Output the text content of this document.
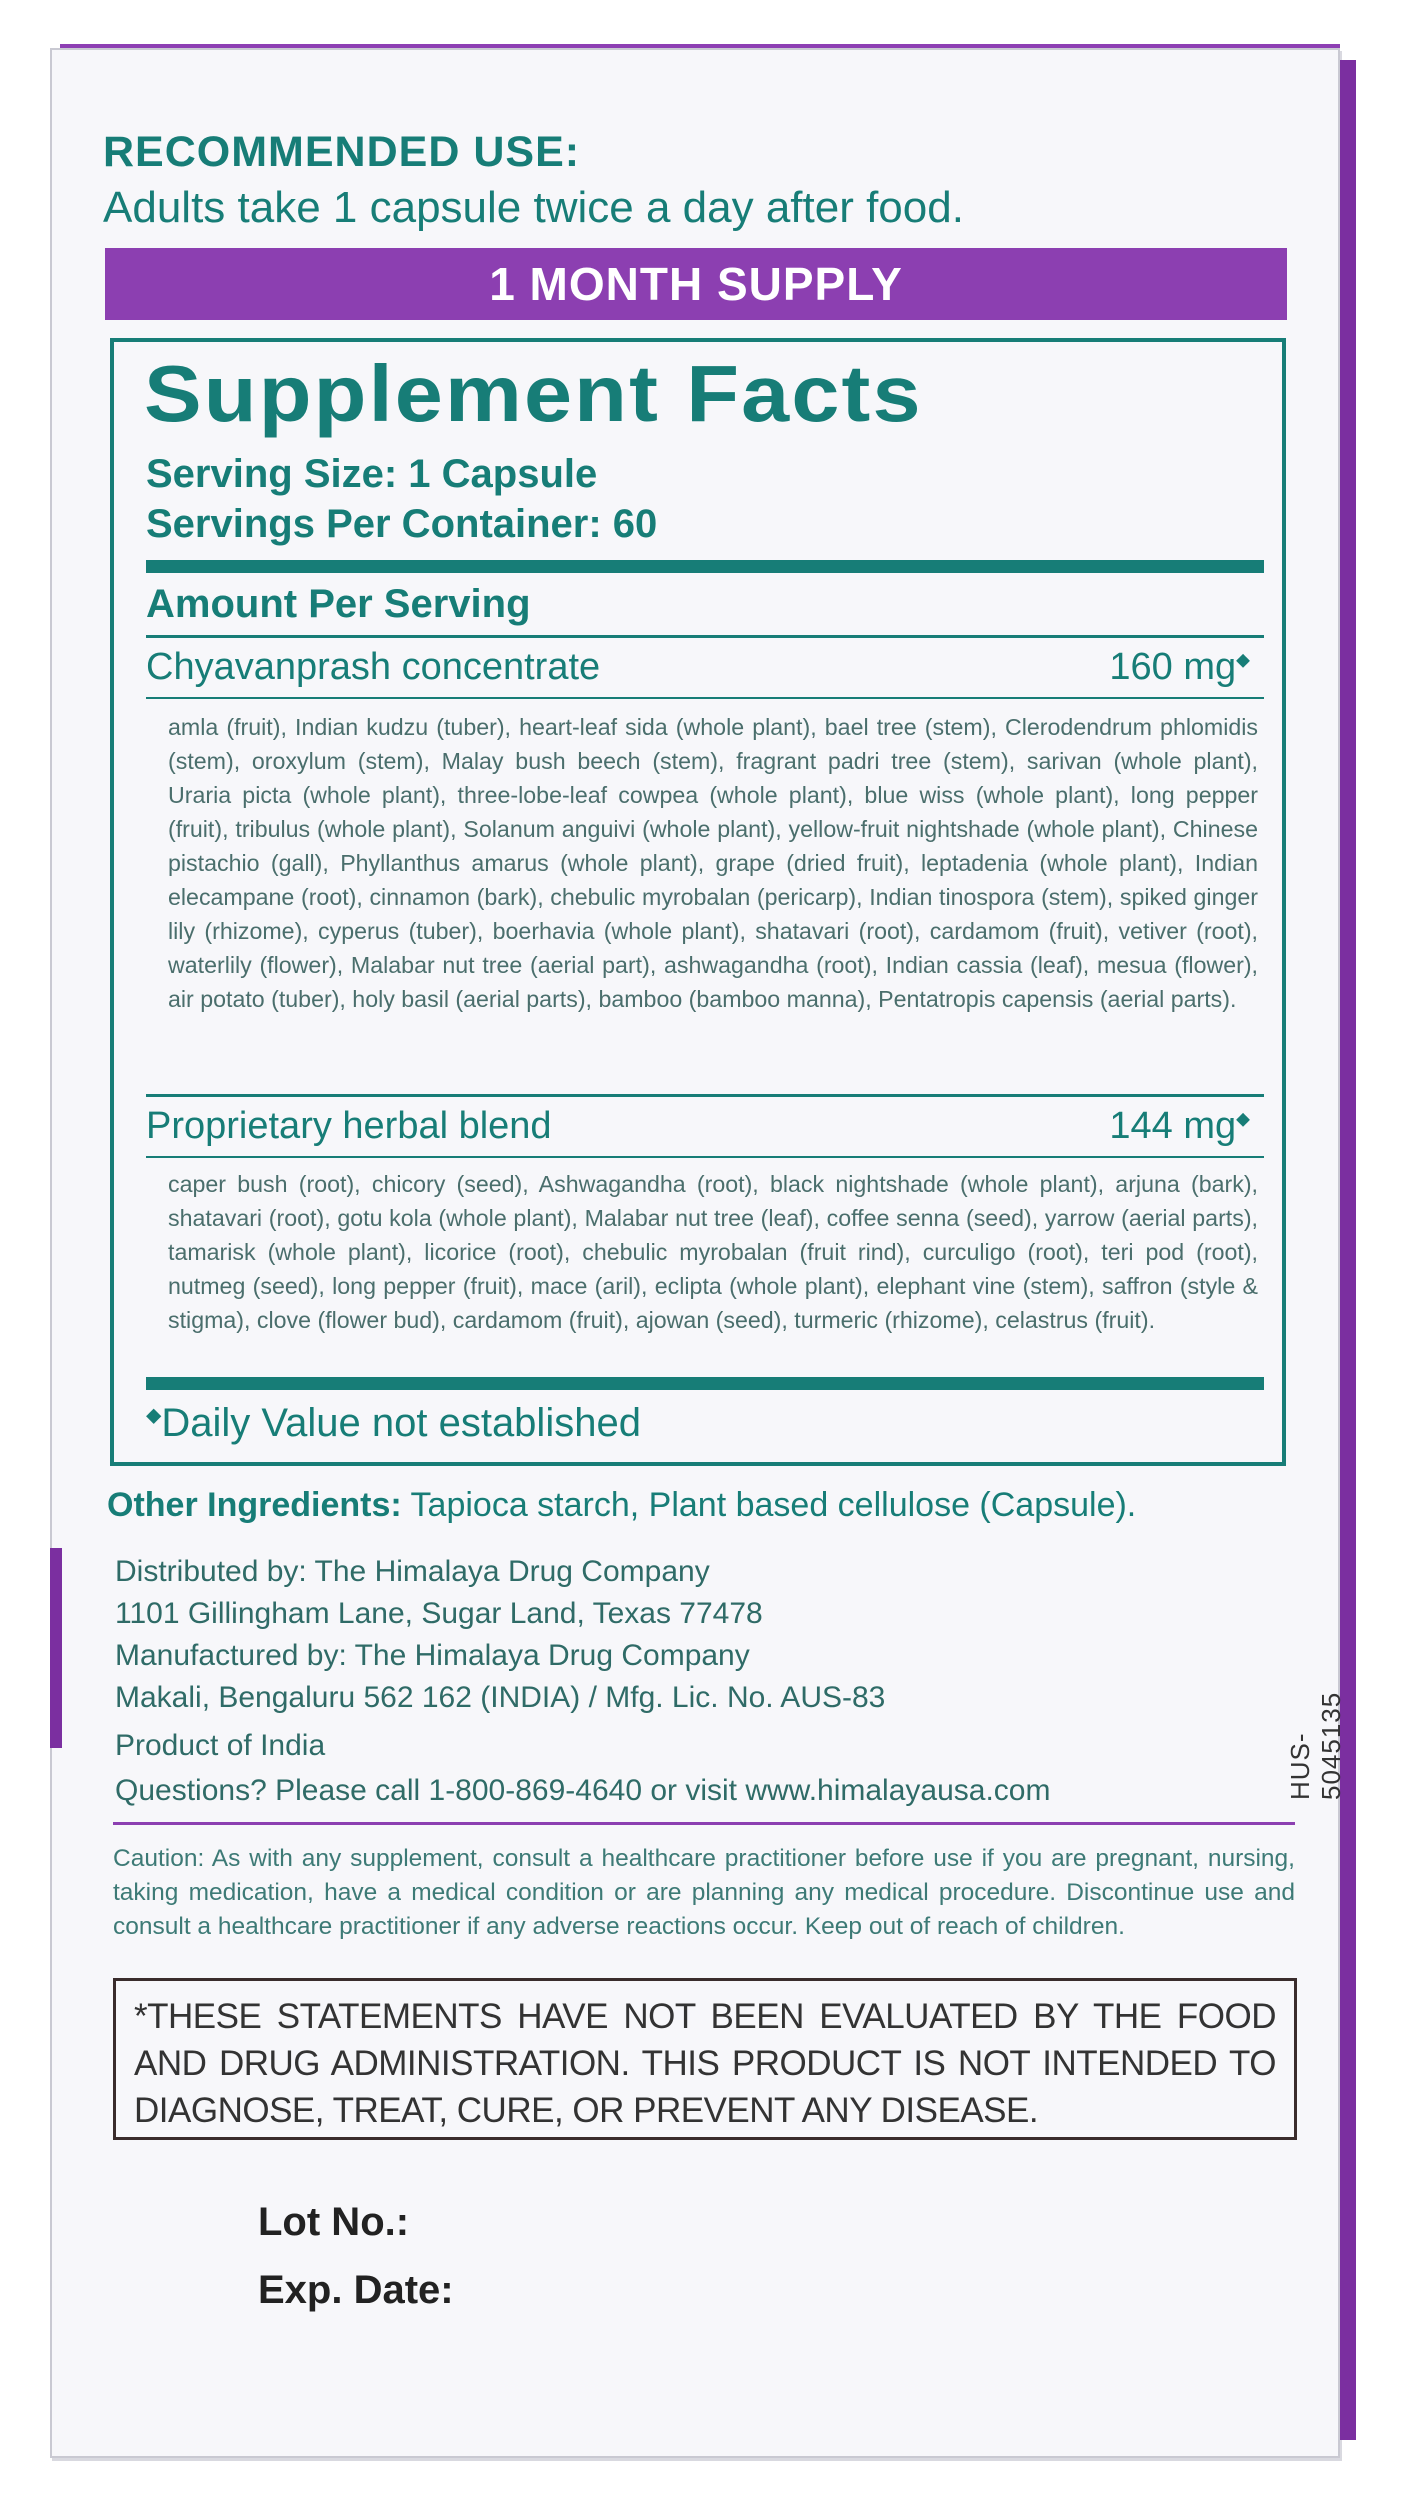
RECOMMENDED USE:
Adults take 1 capsule twice a day after food.
1 MONTH SUPPLY
Supplement Facts
Serving Size: 1 Capsule
Servings Per Container: 60
Amount Per Serving
Chyavanprash concentrate	160 mg◆
amla (fruit), Indian kudzu (tuber), heart-leaf sida (whole plant), bael tree (stem), Clerodendrum phlomidis (stem), oroxylum (stem), Malay bush beech (stem), fragrant padri tree (stem), sarivan (whole plant), Uraria picta (whole plant), three-lobe-leaf cowpea (whole plant), blue wiss (whole plant), long pepper (fruit), tribulus (whole plant), Solanum anguivi (whole plant), yellow-fruit nightshade (whole plant), Chinese pistachio (gall), Phyllanthus amarus (whole plant), grape (dried fruit), leptadenia (whole plant), Indian elecampane (root), cinnamon (bark), chebulic myrobalan (pericarp), Indian tinospora (stem), spiked ginger lily (rhizome), cyperus (tuber), boerhavia (whole plant), shatavari (root), cardamom (fruit), vetiver (root), waterlily (flower), Malabar nut tree (aerial part), ashwagandha (root), Indian cassia (leaf), mesua (flower), air potato (tuber), holy basil (aerial parts), bamboo (bamboo manna), Pentatropis capensis (aerial parts).
Proprietary herbal blend	144 mg◆
caper bush (root), chicory (seed), Ashwagandha (root), black nightshade (whole plant), arjuna (bark), shatavari (root), gotu kola (whole plant), Malabar nut tree (leaf), coffee senna (seed), yarrow (aerial parts), tamarisk (whole plant), licorice (root), chebulic myrobalan (fruit rind), curculigo (root), teri pod (root), nutmeg (seed), long pepper (fruit), mace (aril), eclipta (whole plant), elephant vine (stem), saffron (style & stigma), clove (flower bud), cardamom (fruit), ajowan (seed), turmeric (rhizome), celastrus (fruit).
◆Daily Value not established
Other Ingredients: Tapioca starch, Plant based cellulose (Capsule).
Distributed by: The Himalaya Drug Company
1101 Gillingham Lane, Sugar Land, Texas 77478
Manufactured by: The Himalaya Drug Company
Makali, Bengaluru 562 162 (INDIA) / Mfg. Lic. No. AUS-83
Product of India
Questions? Please call 1-800-869-4640 or visit www.himalayausa.com	HUS-5045135
Caution: As with any supplement, consult a healthcare practitioner before use if you are pregnant, nursing, taking medication, have a medical condition or are planning any medical procedure. Discontinue use and consult a healthcare practitioner if any adverse reactions occur. Keep out of reach of children.
*THESE STATEMENTS HAVE NOT BEEN EVALUATED BY THE FOOD AND DRUG ADMINISTRATION. THIS PRODUCT IS NOT INTENDED TO DIAGNOSE, TREAT, CURE, OR PREVENT ANY DISEASE.
Lot No.:
Exp. Date:
